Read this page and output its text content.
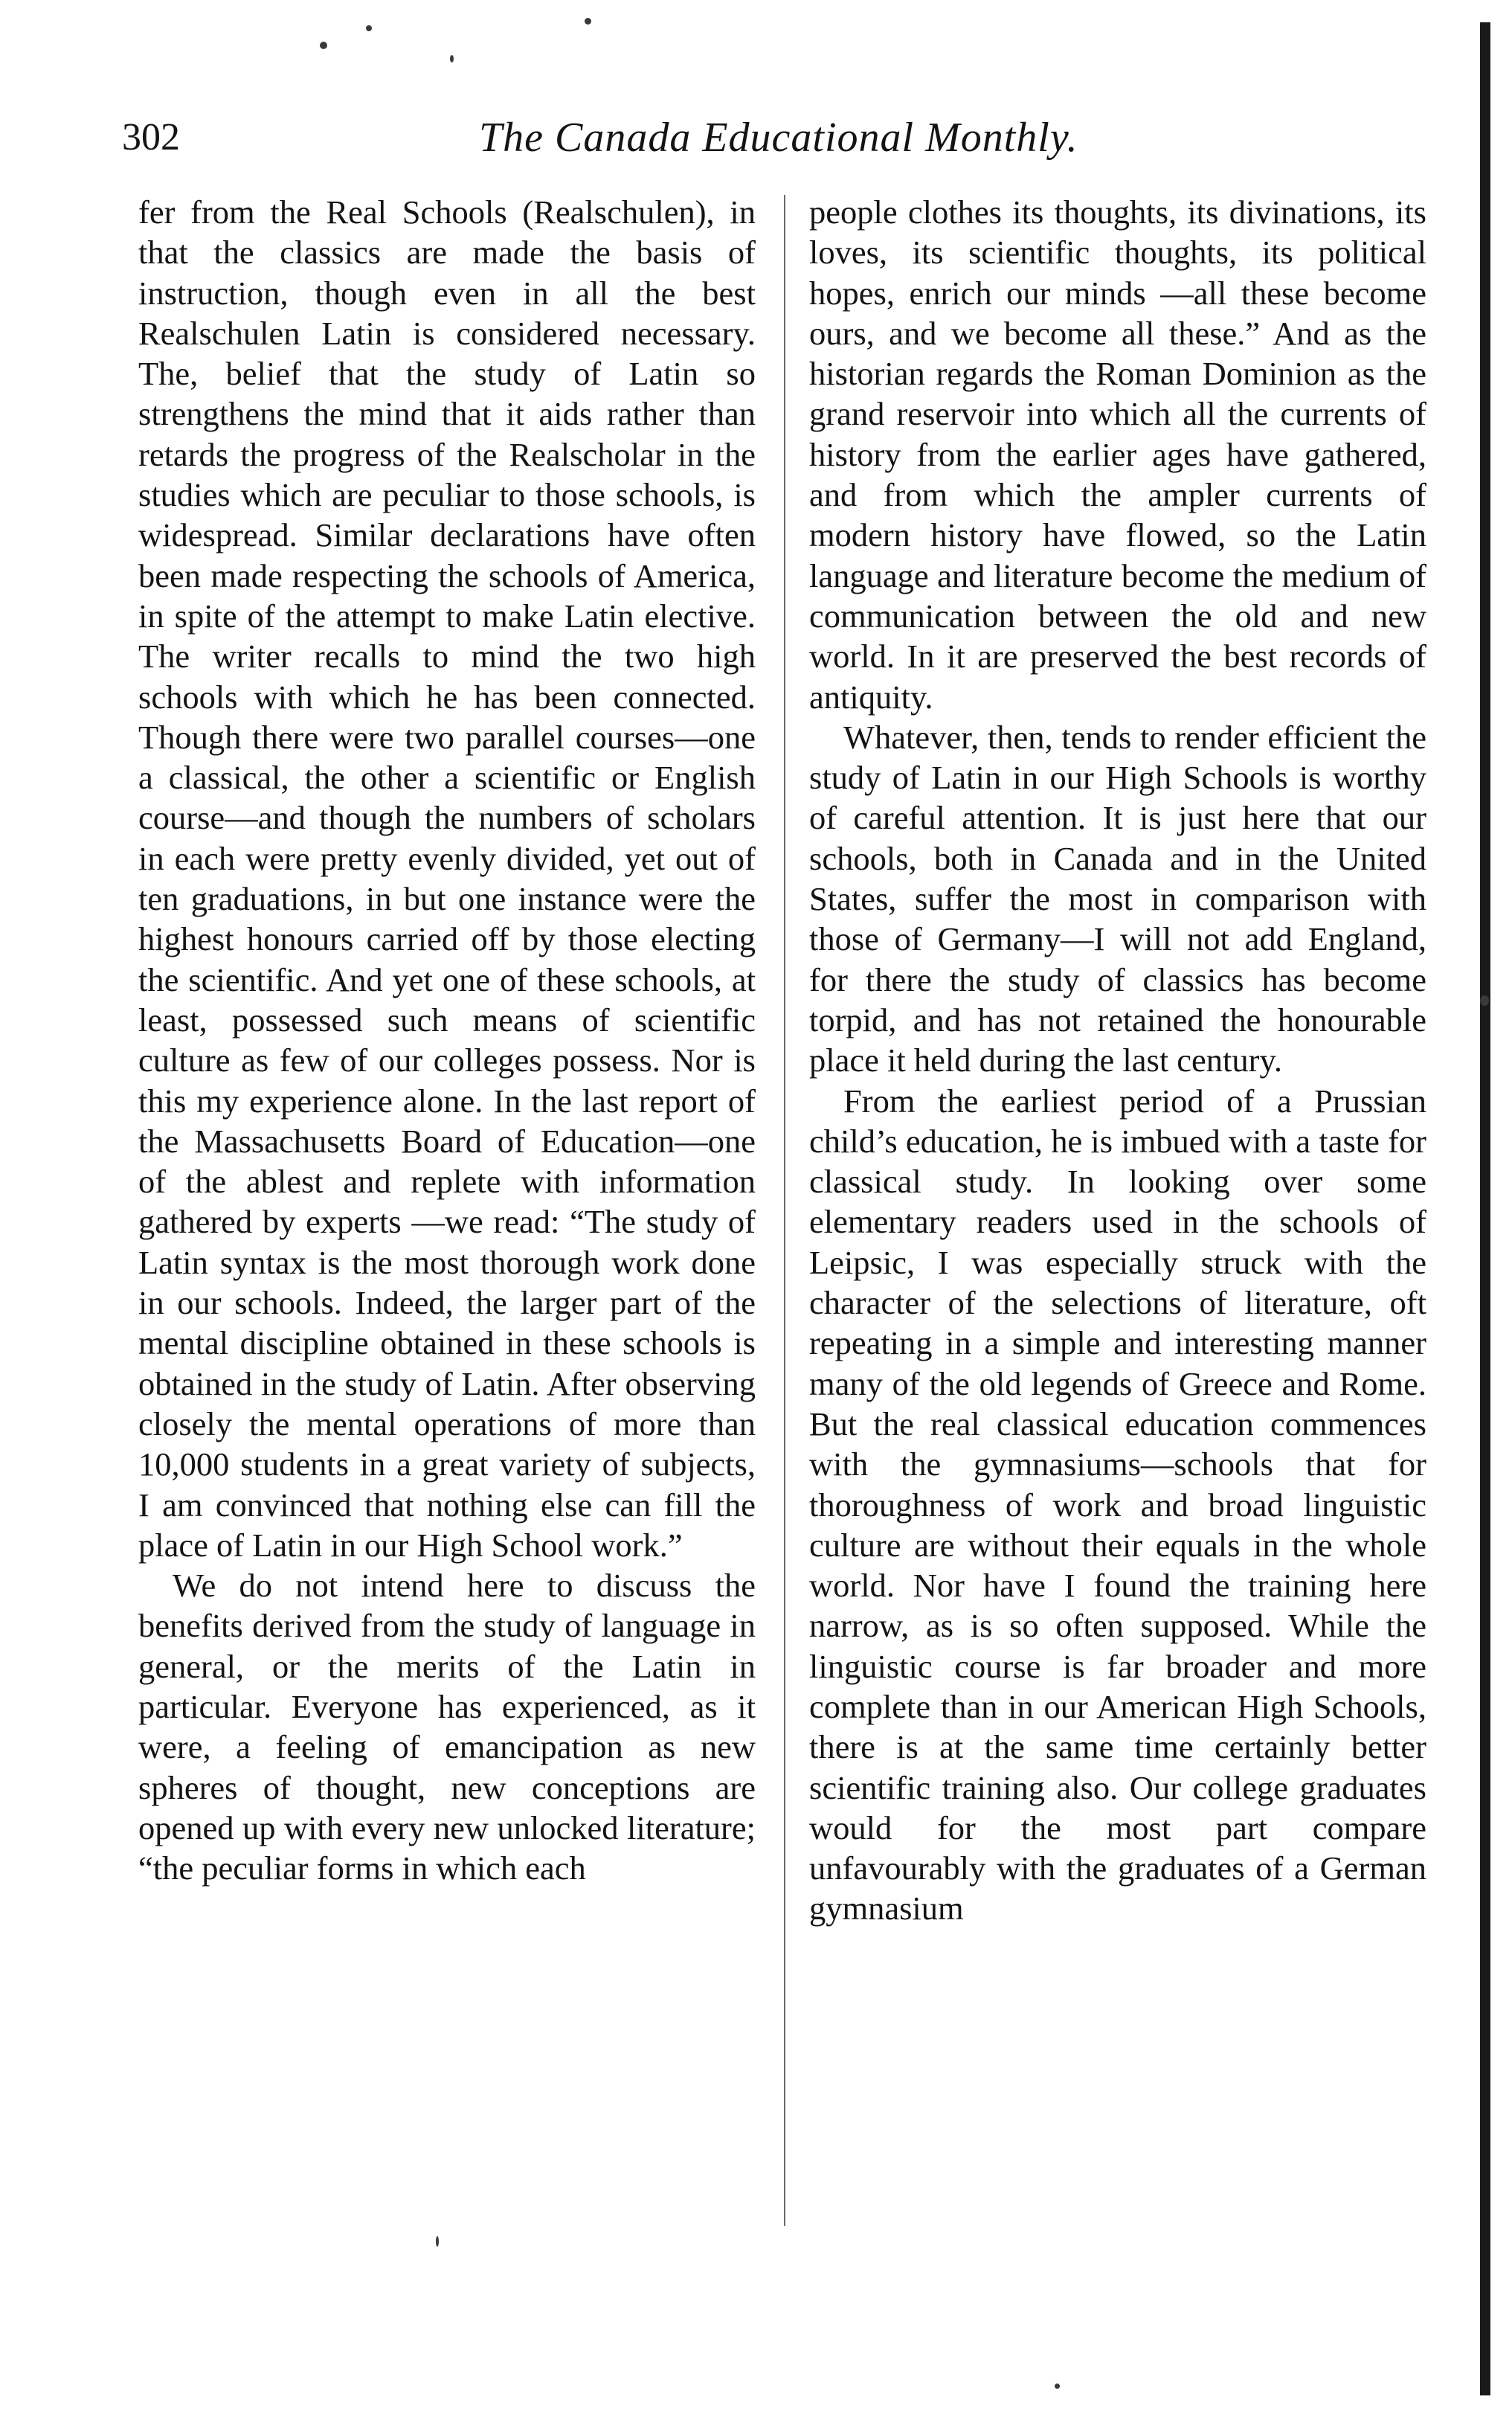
302	The Canada Educational Monthly.

fer from the Real Schools (Realschulen), in that the classics are made the basis of instruction, though even in all the best Realschulen Latin is considered necessary. The, belief that the study of Latin so strengthens the mind that it aids rather than retards the progress of the Realscholar in the studies which are peculiar to those schools, is widespread. Similar declarations have often been made respecting the schools of America, in spite of the attempt to make Latin elective. The writer recalls to mind the two high schools with which he has been connected. Though there were two parallel courses—one a classical, the other a scientific or English course—and though the numbers of scholars in each were pretty evenly divided, yet out of ten graduations, in but one instance were the highest honours carried off by those electing the scientific. And yet one of these schools, at least, possessed such means of scientific culture as few of our colleges possess. Nor is this my experience alone. In the last report of the Massachusetts Board of Education—one of the ablest and replete with information gathered by experts —we read: “The study of Latin syntax is the most thorough work done in our schools. Indeed, the larger part of the mental discipline obtained in these schools is obtained in the study of Latin. After observing closely the mental operations of more than 10,000 students in a great variety of subjects, I am convinced that nothing else can fill the place of Latin in our High School work.”

We do not intend here to discuss the benefits derived from the study of language in general, or the merits of the Latin in particular. Everyone has experienced, as it were, a feeling of emancipation as new spheres of thought, new conceptions are opened up with every new unlocked literature; “the peculiar forms in which each

people clothes its thoughts, its divinations, its loves, its scientific thoughts, its political hopes, enrich our minds —all these become ours, and we become all these.” And as the historian regards the Roman Dominion as the grand reservoir into which all the currents of history from the earlier ages have gathered, and from which the ampler currents of modern history have flowed, so the Latin language and literature become the medium of communication between the old and new world. In it are preserved the best records of antiquity.

Whatever, then, tends to render efficient the study of Latin in our High Schools is worthy of careful attention. It is just here that our schools, both in Canada and in the United States, suffer the most in comparison with those of Germany—I will not add England, for there the study of classics has become torpid, and has not retained the honourable place it held during the last century.

From the earliest period of a Prussian child’s education, he is imbued with a taste for classical study. In looking over some elementary readers used in the schools of Leipsic, I was especially struck with the character of the selections of literature, oft repeating in a simple and interesting manner many of the old legends of Greece and Rome. But the real classical education commences with the gymnasiums—schools that for thoroughness of work and broad linguistic culture are without their equals in the whole world. Nor have I found the training here narrow, as is so often supposed. While the linguistic course is far broader and more complete than in our American High Schools, there is at the same time certainly better scientific training also. Our college graduates would for the most part compare unfavourably with the graduates of a German gymnasium
